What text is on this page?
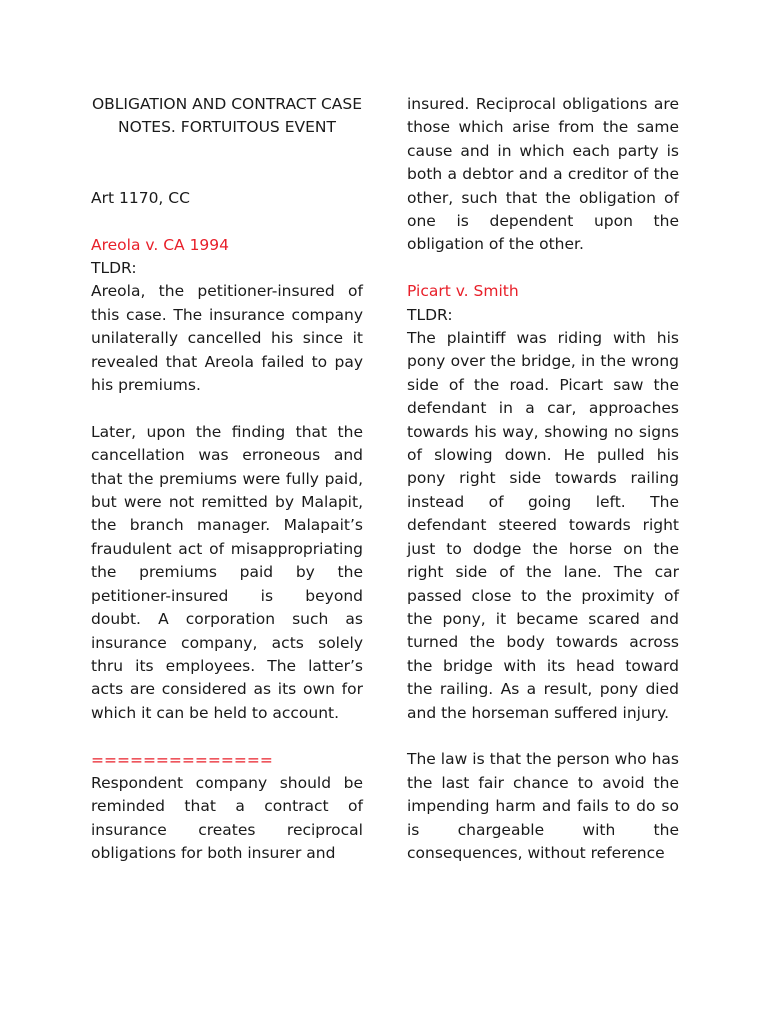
OBLIGATION AND CONTRACT CASE NOTES. FORTUITOUS EVENT

Art 1170, CC

Areola v. CA 1994

TLDR:

Areola, the petitioner-insured of this case. The insurance company unilaterally cancelled his since it revealed that Areola failed to pay his premiums.

Later, upon the finding that the cancellation was erroneous and that the premiums were fully paid, but were not remitted by Malapit, the branch manager. Malapait’s fraudulent act of misappropriating the premiums paid by the petitioner-insured is beyond doubt. A corporation such as insurance company, acts solely thru its employees. The latter’s acts are considered as its own for which it can be held to account.

==============

Respondent company should be reminded that a contract of insurance creates reciprocal obligations for both insurer and

insured. Reciprocal obligations are those which arise from the same cause and in which each party is both a debtor and a creditor of the other, such that the obligation of one is dependent upon the obligation of the other.

Picart v. Smith

TLDR:

The plaintiff was riding with his pony over the bridge, in the wrong side of the road. Picart saw the defendant in a car, approaches towards his way, showing no signs of slowing down. He pulled his pony right side towards railing instead of going left. The defendant steered towards right just to dodge the horse on the right side of the lane. The car passed close to the proximity of the pony, it became scared and turned the body towards across the bridge with its head toward the railing. As a result, pony died and the horseman suffered injury.

The law is that the person who has the last fair chance to avoid the impending harm and fails to do so is chargeable with the consequences, without reference
